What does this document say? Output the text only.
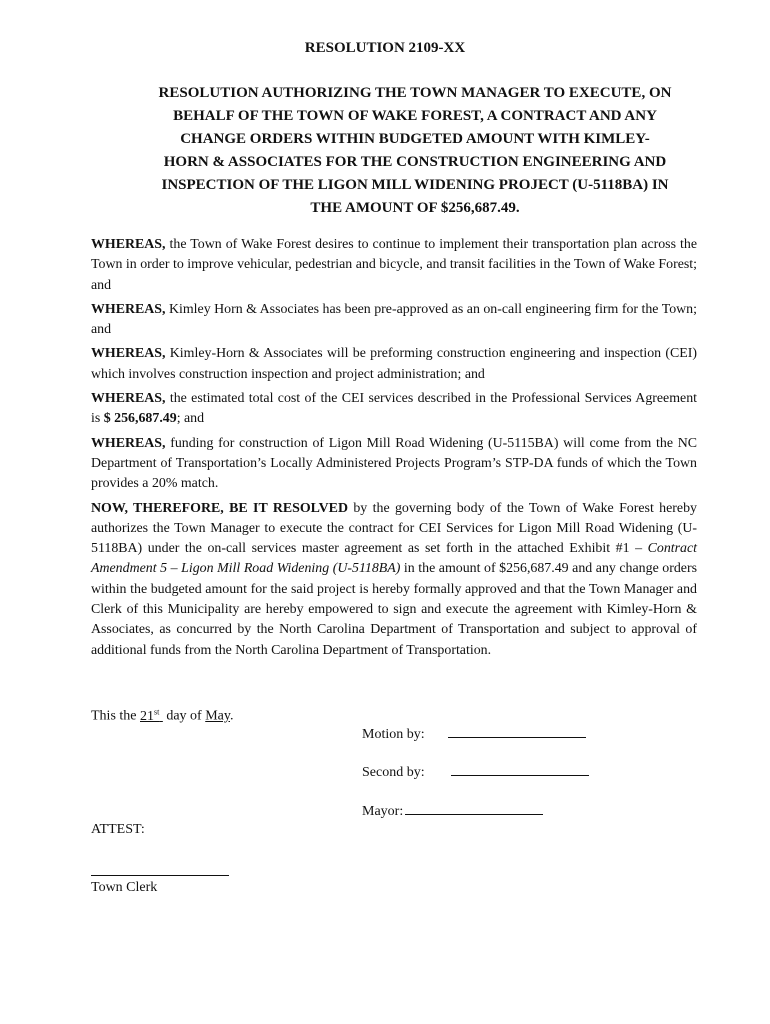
RESOLUTION 2109-XX
RESOLUTION AUTHORIZING THE TOWN MANAGER TO EXECUTE, ON
BEHALF OF THE TOWN OF WAKE FOREST, A CONTRACT AND ANY
CHANGE ORDERS WITHIN BUDGETED AMOUNT WITH KIMLEY-
HORN & ASSOCIATES FOR THE CONSTRUCTION ENGINEERING AND
INSPECTION OF THE LIGON MILL WIDENING PROJECT (U-5118BA) IN
THE AMOUNT OF $256,687.49.

WHEREAS, the Town of Wake Forest desires to continue to implement their transportation plan across the Town in order to improve vehicular, pedestrian and bicycle, and transit facilities in the Town of Wake Forest; and

WHEREAS, Kimley Horn & Associates has been pre-approved as an on-call engineering firm for the Town; and

WHEREAS, Kimley-Horn & Associates will be preforming construction engineering and inspection (CEI) which involves construction inspection and project administration; and

WHEREAS, the estimated total cost of the CEI services described in the Professional Services Agreement is $ 256,687.49; and

WHEREAS, funding for construction of Ligon Mill Road Widening (U-5115BA) will come from the NC Department of Transportation’s Locally Administered Projects Program’s STP-DA funds of which the Town provides a 20% match.

NOW, THEREFORE, BE IT RESOLVED by the governing body of the Town of Wake Forest hereby authorizes the Town Manager to execute the contract for CEI Services for Ligon Mill Road Widening (U-5118BA) under the on-call services master agreement as set forth in the attached Exhibit #1 – Contract Amendment 5 – Ligon Mill Road Widening (U-5118BA) in the amount of $256,687.49 and any change orders within the budgeted amount for the said project is hereby formally approved and that the Town Manager and Clerk of this Municipality are hereby empowered to sign and execute the agreement with Kimley-Horn & Associates, as concurred by the North Carolina Department of Transportation and subject to approval of additional funds from the North Carolina Department of Transportation.

This the 21st  day of May.
Motion by:
Second by:
Mayor:
ATTEST:
Town Clerk
